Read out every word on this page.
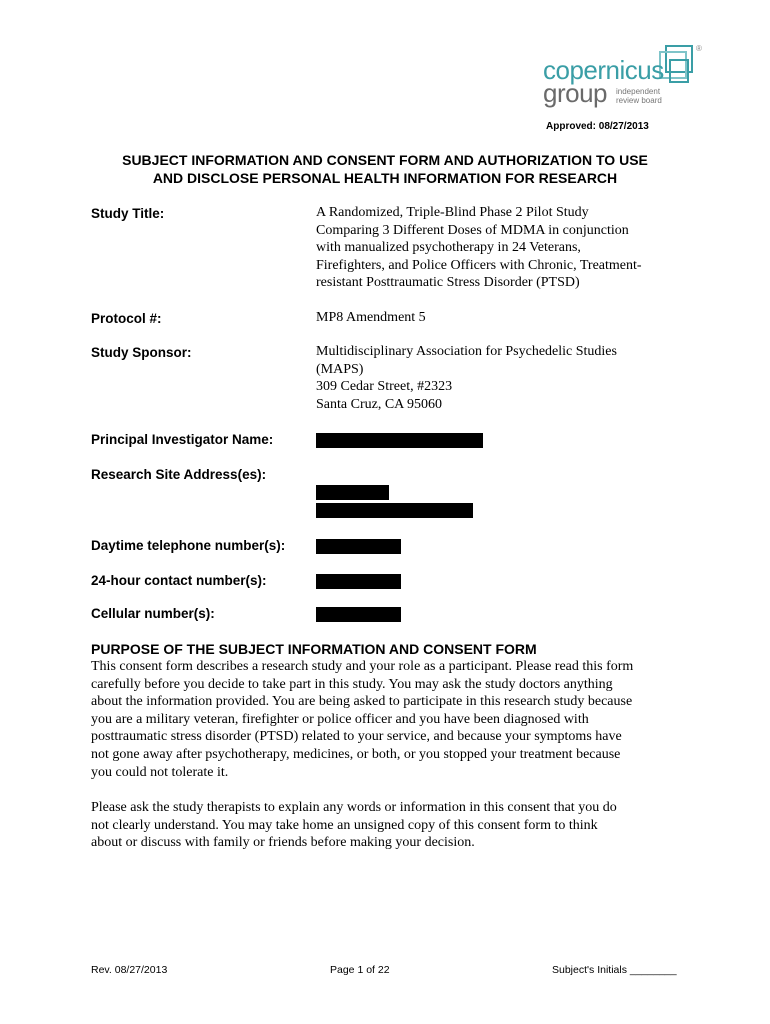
®
copernicus
group independent
review board
Approved: 08/27/2013
SUBJECT INFORMATION AND CONSENT FORM AND AUTHORIZATION TO USE
AND DISCLOSE PERSONAL HEALTH INFORMATION FOR RESEARCH
Study Title:	A Randomized, Triple-Blind Phase 2 Pilot Study
Comparing 3 Different Doses of MDMA in conjunction
with manualized psychotherapy in 24 Veterans,
Firefighters, and Police Officers with Chronic, Treatment-
resistant Posttraumatic Stress Disorder (PTSD)
Protocol #:	MP8 Amendment 5
Study Sponsor:	Multidisciplinary Association for Psychedelic Studies
(MAPS)
309 Cedar Street, #2323
Santa Cruz, CA 95060
Principal Investigator Name:
Research Site Address(es):
Daytime telephone number(s):
24-hour contact number(s):
Cellular number(s):
PURPOSE OF THE SUBJECT INFORMATION AND CONSENT FORM
This consent form describes a research study and your role as a participant. Please read this form
carefully before you decide to take part in this study. You may ask the study doctors anything
about the information provided. You are being asked to participate in this research study because
you are a military veteran, firefighter or police officer and you have been diagnosed with
posttraumatic stress disorder (PTSD) related to your service, and because your symptoms have
not gone away after psychotherapy, medicines, or both, or you stopped your treatment because
you could not tolerate it.
Please ask the study therapists to explain any words or information in this consent that you do
not clearly understand. You may take home an unsigned copy of this consent form to think
about or discuss with family or friends before making your decision.
Rev. 08/27/2013	Page 1 of 22	Subject's Initials ________
